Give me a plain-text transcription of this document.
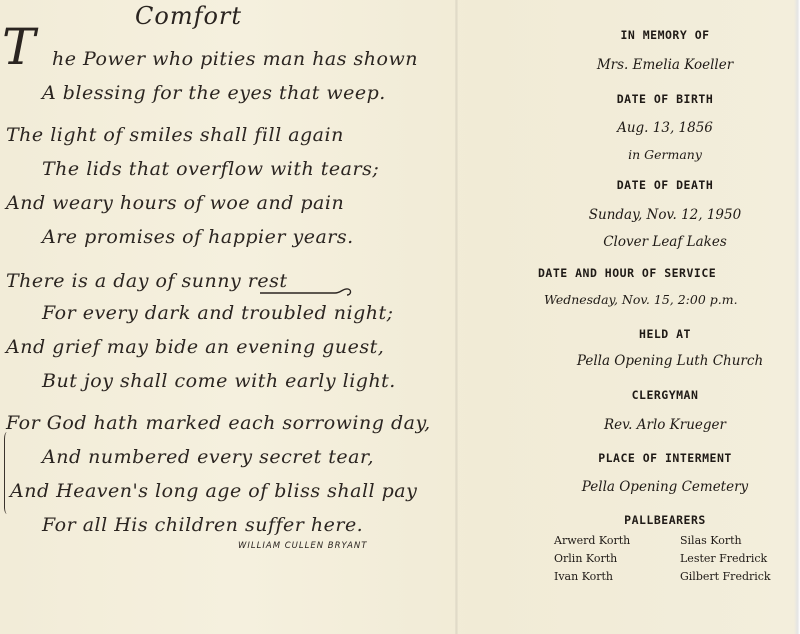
Comfort
T he Power who pities man has shown
A blessing for the eyes that weep.
The light of smiles shall fill again
The lids that overflow with tears;
And weary hours of woe and pain
Are promises of happier years.
There is a day of sunny rest
For every dark and troubled night;
And grief may bide an evening guest,
But joy shall come with early light.
For God hath marked each sorrowing day,
And numbered every secret tear,
And Heaven's long age of bliss shall pay
For all His children suffer here.
WILLIAM CULLEN BRYANT
IN MEMORY OF
Mrs. Emelia Koeller
DATE OF BIRTH
Aug. 13, 1856
in Germany
DATE OF DEATH
Sunday, Nov. 12, 1950
Clover Leaf Lakes
DATE AND HOUR OF SERVICE
Wednesday, Nov. 15, 2:00 p.m.
HELD AT
Pella Opening Luth Church
CLERGYMAN
Rev. Arlo Krueger
PLACE OF INTERMENT
Pella Opening Cemetery
PALLBEARERS
Arwerd Korth
Orlin Korth
Ivan Korth
Silas Korth
Lester Fredrick
Gilbert Fredrick
